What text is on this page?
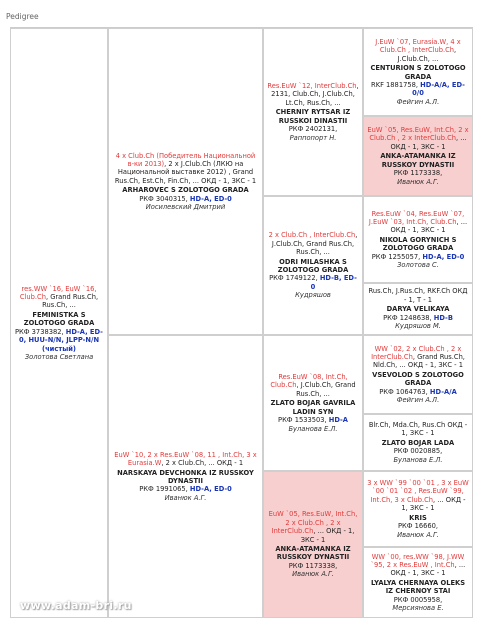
Pedigree
res.WW `16, EuW `16, Club.Ch, Grand Rus.Ch, Rus.Ch, ...
FEMINISTKA S ZOLOTOGO GRADA
РКФ 3738382, HD-A, ED-0, HUU-N/N, JLPP-N/N (чистый)
Золотова Светлана
4 x Club.Ch (Победитель Национальной в-ки 2013), 2 x J.Club.Ch (ЛКЮ на Национальной выставке 2012) , Grand Rus.Ch, Est.Ch, Fin.Ch, ... ОКД - 1, ЗКС - 1
ARHAROVEC S ZOLOTOGO GRADA
РКФ 3040315, HD-A, ED-0
Иосилевский Дмитрий
EuW `10, 2 x Res.EuW `08, 11 , Int.Ch, 3 x Eurasia.W, 2 x Club.Ch, ... ОКД - 1
NARSKAYA DEVCHONKA IZ RUSSKOY DYNASTII
РКФ 1991065, HD-A, ED-0
Иванюк А.Г.
Res.EuW `12, InterClub.Ch, 2131, Club.Ch, J.Club.Ch, Lt.Ch, Rus.Ch, ...
CHERNIY RYTSAR IZ RUSSKOI DINASTII
РКФ 2402131,
Раппопорт Н.
2 x Club.Ch , InterClub.Ch, J.Club.Ch, Grand Rus.Ch, Rus.Ch, ...
ODRI MILASHKA S ZOLOTOGO GRADA
РКФ 1749122, HD-B, ED-0
Кудряшов
Res.EuW `08, Int.Ch, Club.Ch, J.Club.Ch, Grand Rus.Ch, ...
ZLATO BOJAR GAVRILA LADIN SYN
РКФ 1533503, HD-A
Буланова Е.Л.
EuW `05, Res.EuW, Int.Ch, 2 x Club.Ch , 2 x InterClub.Ch, ... ОКД - 1, ЗКС - 1
ANKA-ATAMANKA IZ RUSSKOY DYNASTII
РКФ 1173338,
Иванюк А.Г.
J.EuW `07, Eurasia.W, 4 x Club.Ch , InterClub.Ch, J.Club.Ch, ...
CENTURION S ZOLOTOGO GRADA
RKF 1881758, HD-A/A, ED-0/0
Фейгин А.Л.
EuW `05, Res.EuW, Int.Ch, 2 x Club.Ch , 2 x InterClub.Ch, ... ОКД - 1, ЗКС - 1
ANKA-ATAMANKA IZ RUSSKOY DYNASTII
РКФ 1173338,
Иванюк А.Г.
Res.EuW `04, Res.EuW `07, J.EuW `03, Int.Ch, Club.Ch, ... ОКД - 1, ЗКС - 1
NIKOLA GORYNICH S ZOLOTOGO GRADA
РКФ 1255057, HD-A, ED-0
Золотова С.
Rus.Ch, J.Rus.Ch, RKF.Ch ОКД - 1, Т - 1
DARYA VELIKAYA
РКФ 1248638, HD-B
Кудряшов М.
WW `02, 2 x Club.Ch , 2 x InterClub.Ch, Grand Rus.Ch, Nld.Ch, ... ОКД - 1, ЗКС - 1
VSEVOLOD S ZOLOTOGO GRADA
РКФ 1064763, HD-A/A
Фейгин А.Л.
Blr.Ch, Mda.Ch, Rus.Ch ОКД - 1, ЗКС - 1
ZLATO BOJAR LADA
РКФ 0020885,
Буланова Е.Л.
3 x WW `99 `00 `01 , 3 x EuW `00 `01 `02 , Res.EuW `99, Int.Ch, 3 x Club.Ch, ... ОКД - 1, ЗКС - 1
KRIS
РКФ 16660,
Иванюк А.Г.
WW `00, res.WW `98, J.WW `95, 2 x Res.EuW , Int.Ch, ... ОКД - 1, ЗКС - 1
LYALYA CHERNAYA OLEKS IZ CHERNOY STAI
РКФ 0005958,
Мерсиянова Е.
www.adam-bri.ru
